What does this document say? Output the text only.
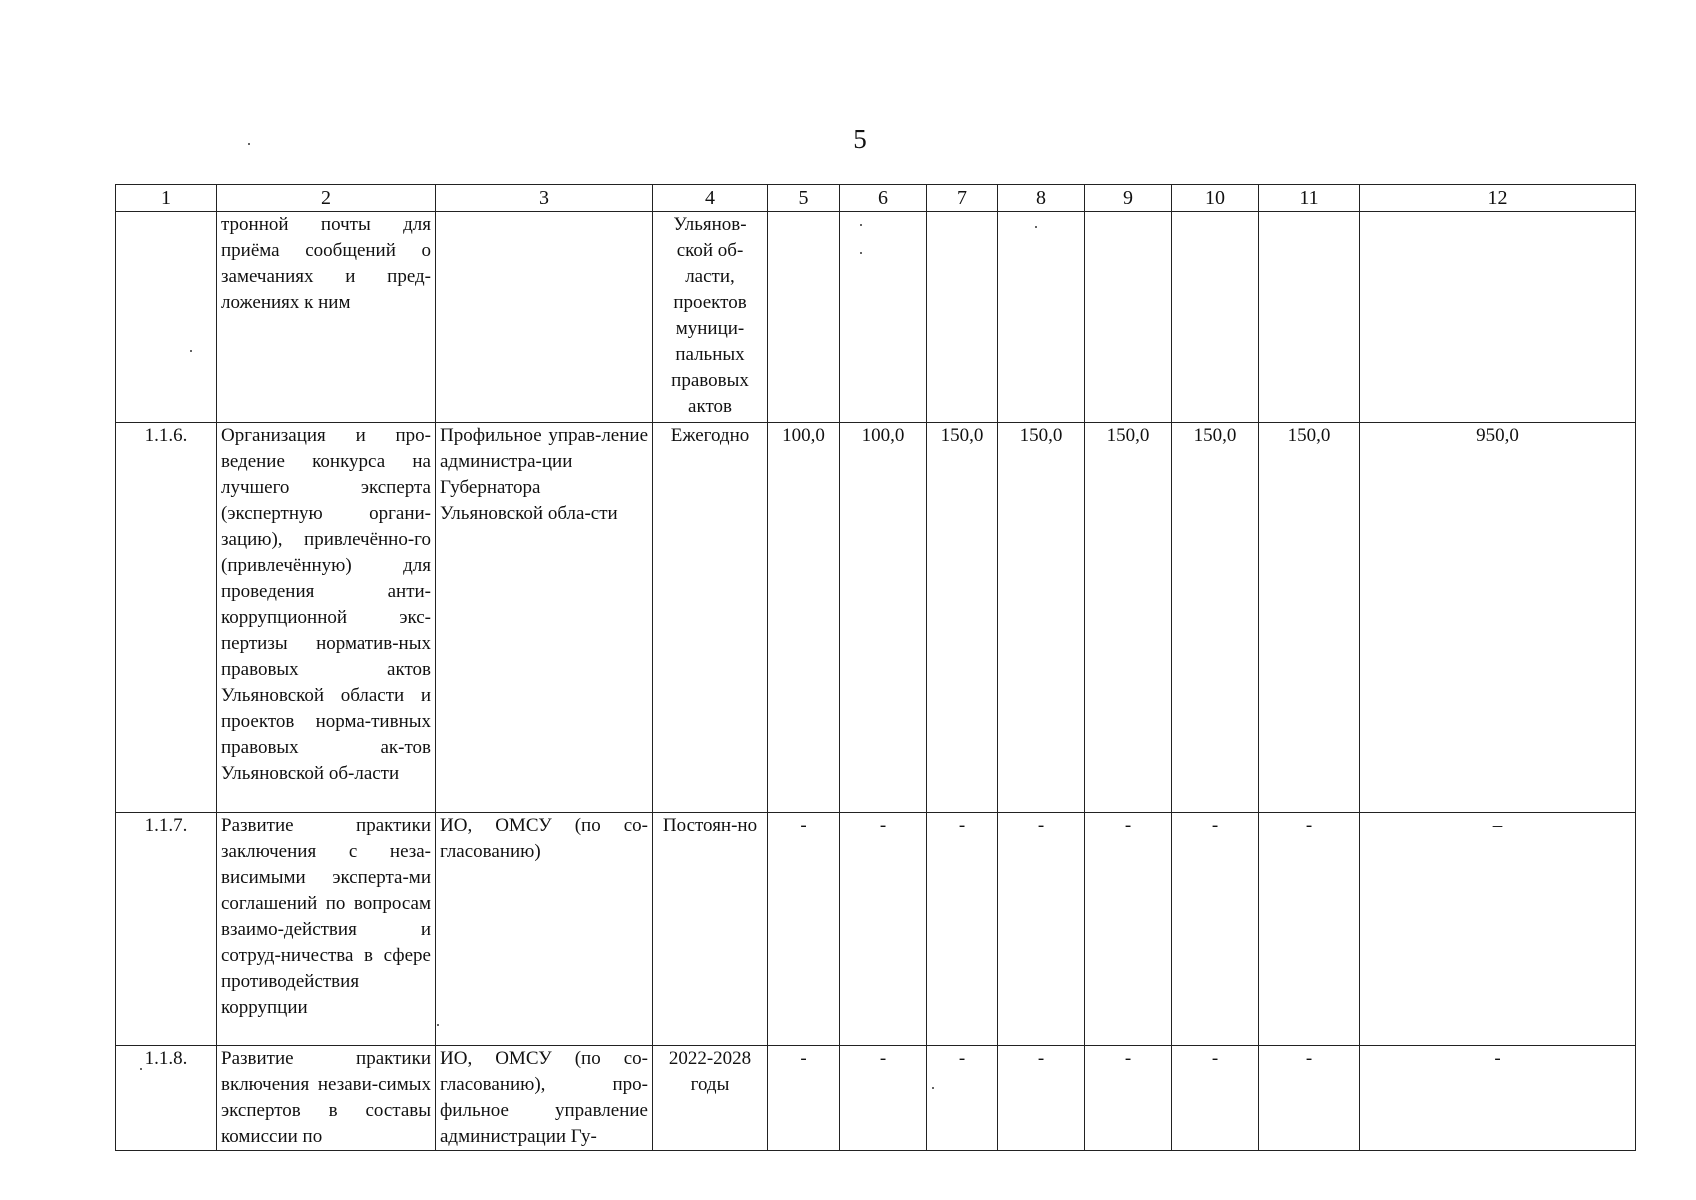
5
1	2	3	4	5	6	7	8	9	10	11	12
	тронной почты для приёма сообщений о замечаниях и пред-ложениях к ним		Ульянов-ской об-ласти, проектов муници-пальных правовых актов								
1.1.6.	Организация и про-ведение конкурса на лучшего эксперта (экспертную органи-зацию), привлечённо-го (привлечённую) для проведения анти-коррупционной экс-пертизы норматив-ных правовых актов Ульяновской области и проектов норма-тивных правовых ак-тов Ульяновской об-ласти	Профильное управ-ление администра-ции Губернатора Ульяновской обла-сти	Ежегодно	100,0	100,0	150,0	150,0	150,0	150,0	150,0	950,0
1.1.7.	Развитие практики заключения с неза-висимыми эксперта-ми соглашений по вопросам взаимо-действия и сотруд-ничества в сфере противодействия коррупции	ИО, ОМСУ (по со-гласованию)	Постоян-но	-	-	-	-	-	-	-	–
1.1.8.	Развитие практики включения незави-симых экспертов в составы комиссии по	ИО, ОМСУ (по со-гласованию), про-фильное управление администрации Гу-	2022-2028 годы	-	-	-	-	-	-	-	-
